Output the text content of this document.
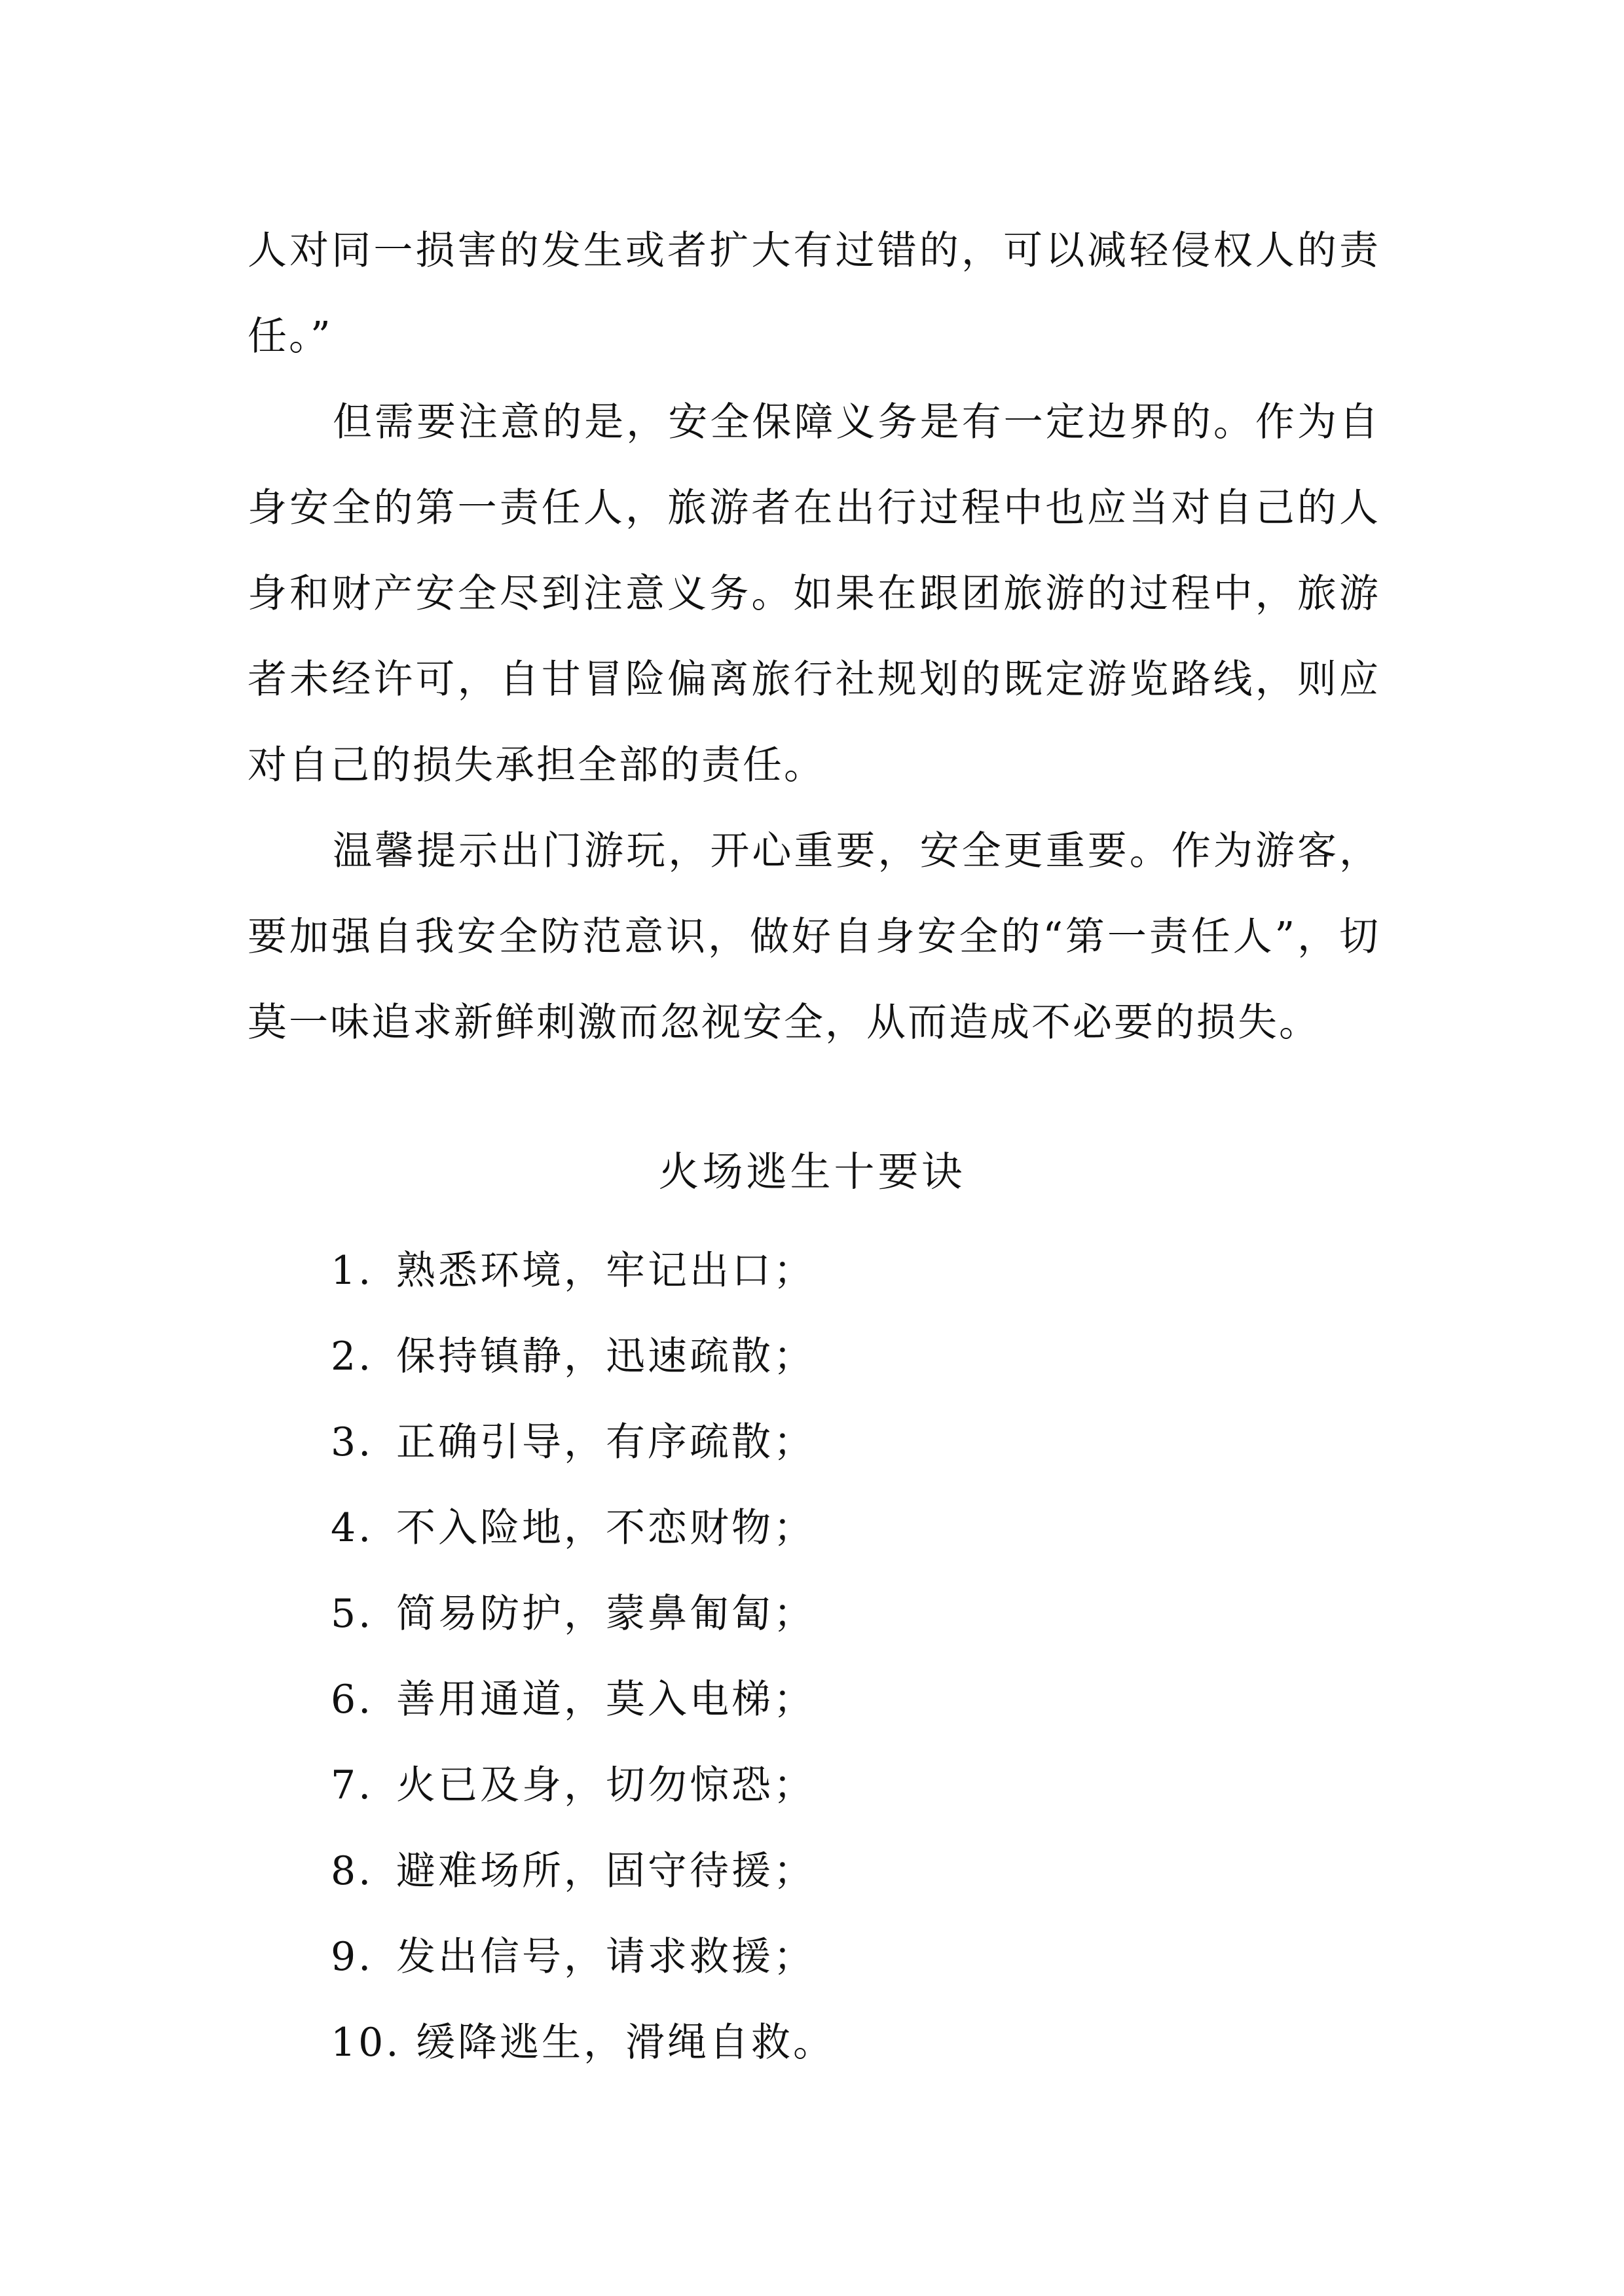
人对同一损害的发生或者扩大有过错的，可以减轻侵权人的责任。”

但需要注意的是，安全保障义务是有一定边界的。作为自身安全的第一责任人，旅游者在出行过程中也应当对自己的人身和财产安全尽到注意义务。如果在跟团旅游的过程中，旅游者未经许可，自甘冒险偏离旅行社规划的既定游览路线，则应对自己的损失承担全部的责任。

温馨提示出门游玩，开心重要，安全更重要。作为游客，要加强自我安全防范意识，做好自身安全的“第一责任人”，切莫一味追求新鲜刺激而忽视安全，从而造成不必要的损失。

火场逃生十要诀
1. 熟悉环境，牢记出口；
2. 保持镇静，迅速疏散；
3. 正确引导，有序疏散；
4. 不入险地，不恋财物；
5. 简易防护，蒙鼻匍匐；
6. 善用通道，莫入电梯；
7. 火已及身，切勿惊恐；
8. 避难场所，固守待援；
9. 发出信号，请求救援；
10. 缓降逃生，滑绳自救。
